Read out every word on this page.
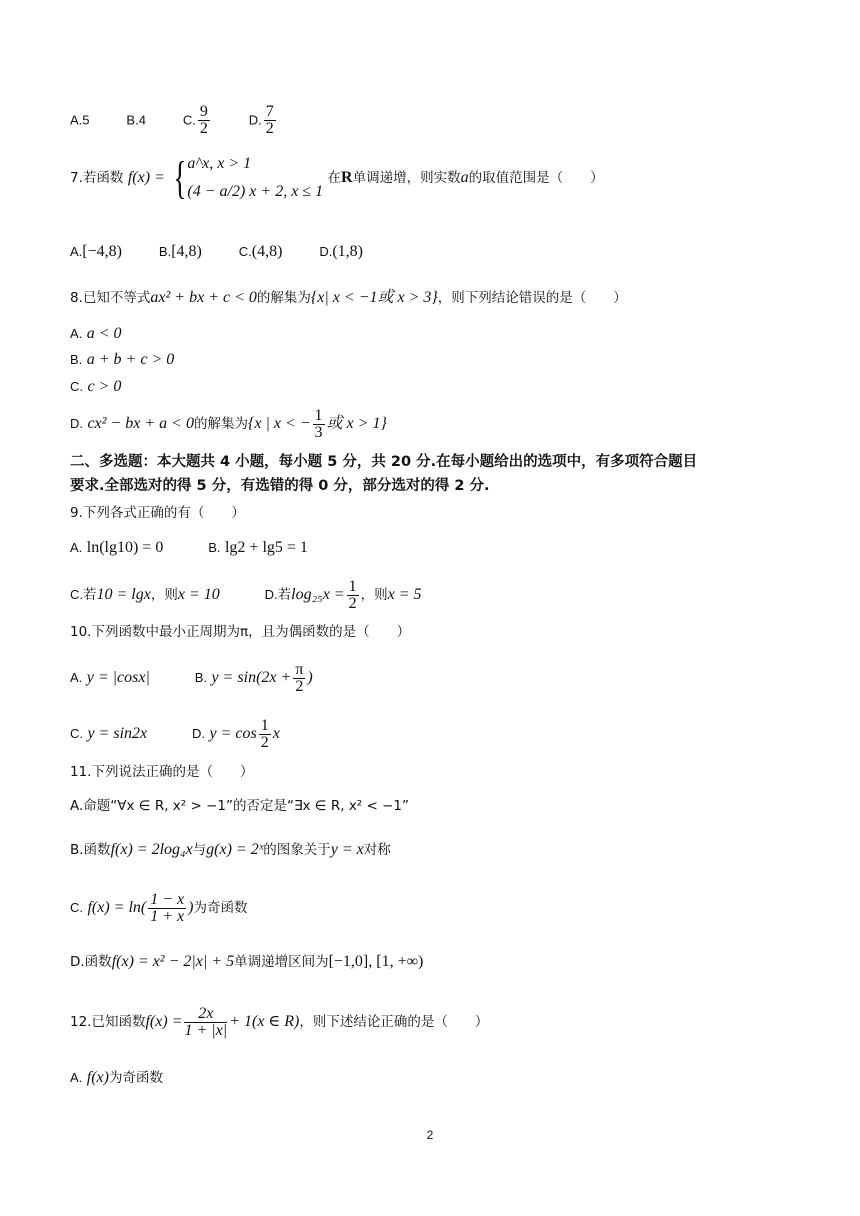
A.5	B.4	C. $\frac{9}{2}$	D. $\frac{7}{2}$
7.若函数 f(x) = { a^x, x > 1
(4 − a/2) x + 2, x ≤ 1
在R单调递增，则实数a的取值范围是（　　）
A.[−4,8)	B.[4,8)	C.(4,8)	D.(1,8)
8.已知不等式ax² + bx + c < 0的解集为{x| x < −1或 x > 3}，则下列结论错误的是（　　）
A. a < 0
B. a + b + c > 0
C. c > 0
D. cx² − bx + a < 0的解集为{x | x < − $\frac{1}{3}$ 或 x > 1}
二、多选题：本大题共 4 小题，每小题 5 分，共 20 分.在每小题给出的选项中，有多项符合题目
要求.全部选对的得 5 分，有选错的得 0 分，部分选对的得 2 分.
9.下列各式正确的有（　　）
A. ln(lg10) = 0	B. lg2 + lg5 = 1
C.若10 = lgx，则x = 10	D.若$\log_{25}x = \frac{1}{2}$ ，则x = 5
10.下列函数中最小正周期为π，且为偶函数的是（　　）
A. y = |cosx|	B. $y = \sin(2x + \frac{\pi}{2}$ )
C. y = sin2x	D. $y = \cos \frac{1}{2}$ x
11.下列说法正确的是（　　）
A.命题“∀x ∈ R, x² > −1”的否定是“∃x ∈ R, x² < −1”
B.函数f(x) = 2log₄x与g(x) = 2ˣ的图象关于y = x对称
C. $f(x) = \ln( \frac{1 - x}{1 + x}$ )为奇函数
D.函数f(x) = x² − 2|x| + 5单调递增区间为[−1,0], [1, +∞)
12.已知函数$f(x) = \frac{2x}{1 + |x|} + 1(x$ ∈ R)，则下述结论正确的是（　　）
A. f(x)为奇函数
2
